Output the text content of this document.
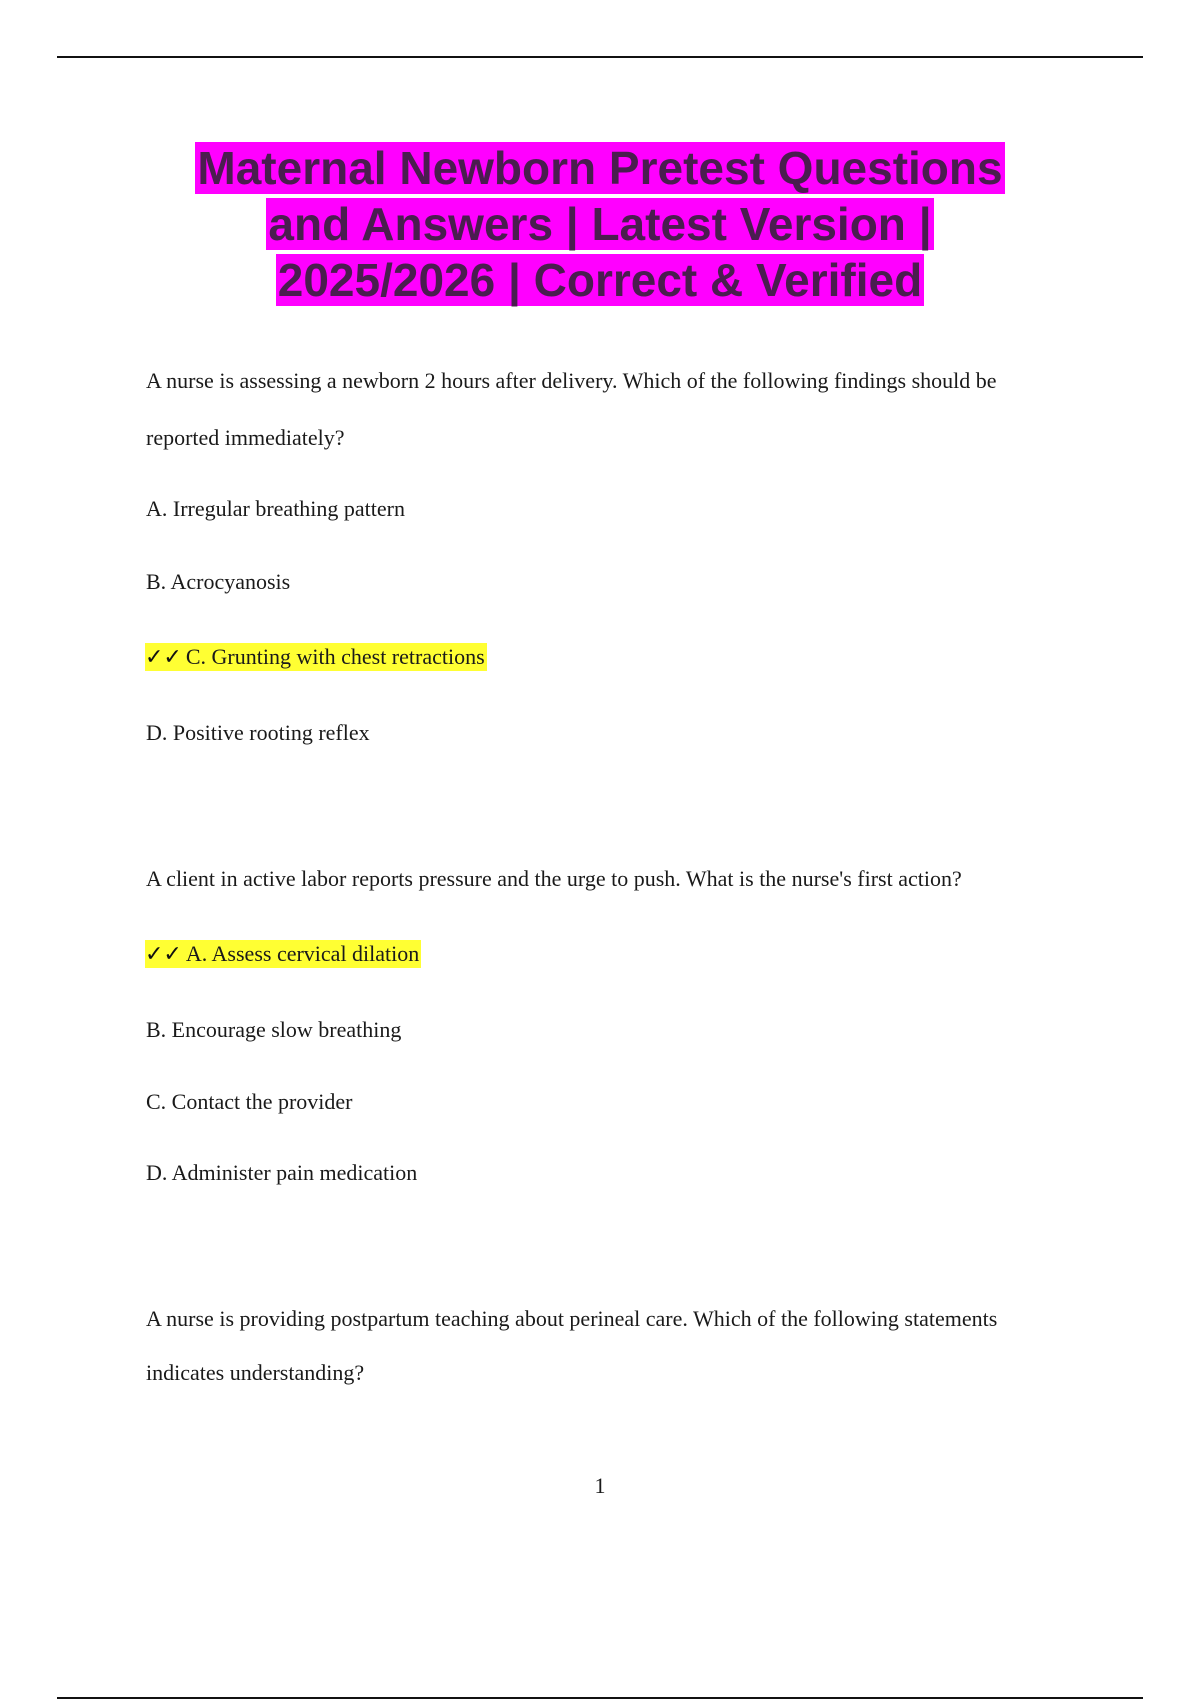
Maternal Newborn Pretest Questions
and Answers | Latest Version |
2025/2026 | Correct & Verified
A nurse is assessing a newborn 2 hours after delivery. Which of the following findings should be
reported immediately?
A. Irregular breathing pattern
B. Acrocyanosis
✓✓ C. Grunting with chest retractions
D. Positive rooting reflex
A client in active labor reports pressure and the urge to push. What is the nurse's first action?
✓✓ A. Assess cervical dilation
B. Encourage slow breathing
C. Contact the provider
D. Administer pain medication
A nurse is providing postpartum teaching about perineal care. Which of the following statements
indicates understanding?
1
